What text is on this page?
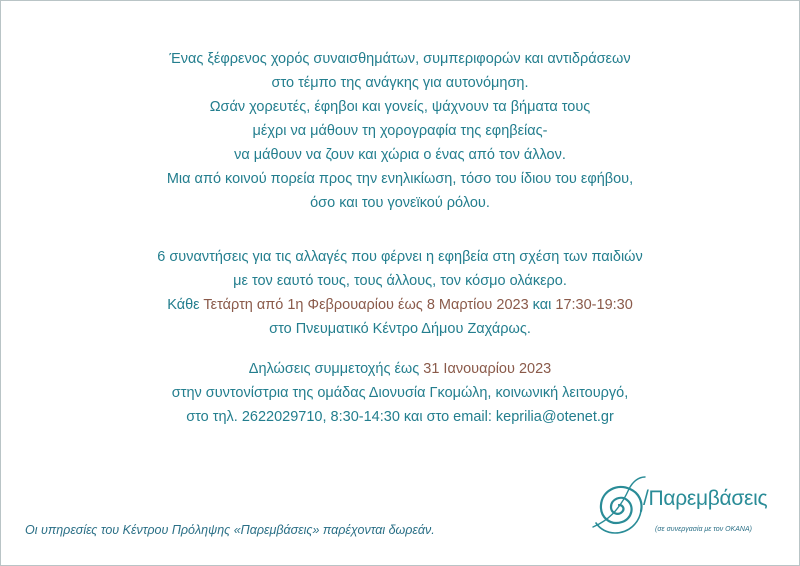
Ένας ξέφρενος χορός συναισθημάτων, συμπεριφορών και αντιδράσεων

στο τέμπο της ανάγκης για αυτονόμηση.

Ωσάν χορευτές, έφηβοι και γονείς, ψάχνουν τα βήματα τους

μέχρι να μάθουν τη χορογραφία της εφηβείας-

να μάθουν να ζουν και χώρια ο ένας από τον άλλον.

Μια από κοινού πορεία προς την ενηλικίωση, τόσο του ίδιου του εφήβου,

όσο και του γονεϊκού ρόλου.

6 συναντήσεις για τις αλλαγές που φέρνει η εφηβεία στη σχέση των παιδιών

με τον εαυτό τους, τους άλλους, τον κόσμο ολάκερο.

Κάθε Τετάρτη από 1η Φεβρουαρίου έως 8 Μαρτίου 2023 και 17:30-19:30

στο Πνευματικό Κέντρο Δήμου Ζαχάρως.

Δηλώσεις συμμετοχής έως 31 Ιανουαρίου 2023

στην συντονίστρια της ομάδας Διονυσία Γκομώλη, κοινωνική λειτουργό,

στο τηλ. 2622029710, 8:30-14:30 και στο email: keprilia@otenet.gr

Οι υπηρεσίες του Κέντρου Πρόληψης «Παρεμβάσεις» παρέχονται δωρεάν.
/Παρεμβάσεις
(σε συνεργασία με τον ΟΚΑΝΑ)
